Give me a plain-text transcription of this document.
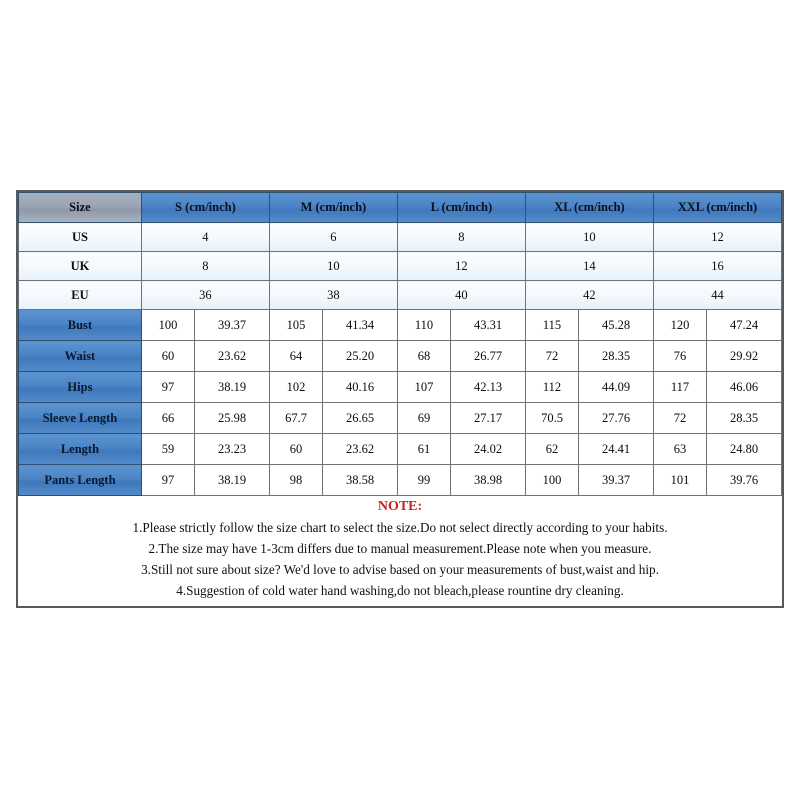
Size	S (cm/inch)		M (cm/inch)		L (cm/inch)		XL (cm/inch)		XXL (cm/inch)	
US	4		6		8		10		12	
UK	8		10		12		14		16	
EU	36		38		40		42		44	
Bust	100	39.37	105	41.34	110	43.31	115	45.28	120	47.24
Waist	60	23.62	64	25.20	68	26.77	72	28.35	76	29.92
Hips	97	38.19	102	40.16	107	42.13	112	44.09	117	46.06
Sleeve Length	66	25.98	67.7	26.65	69	27.17	70.5	27.76	72	28.35
Length	59	23.23	60	23.62	61	24.02	62	24.41	63	24.80
Pants Length	97	38.19	98	38.58	99	38.98	100	39.37	101	39.76
NOTE:
1.Please strictly follow the size chart to select the size.Do not select directly according to your habits.
2.The size may have 1-3cm differs due to manual measurement.Please note when you measure.
3.Still not sure about size? We'd love to advise based on your measurements of bust,waist and hip.
4.Suggestion of cold water hand washing,do not bleach,please rountine dry cleaning.
